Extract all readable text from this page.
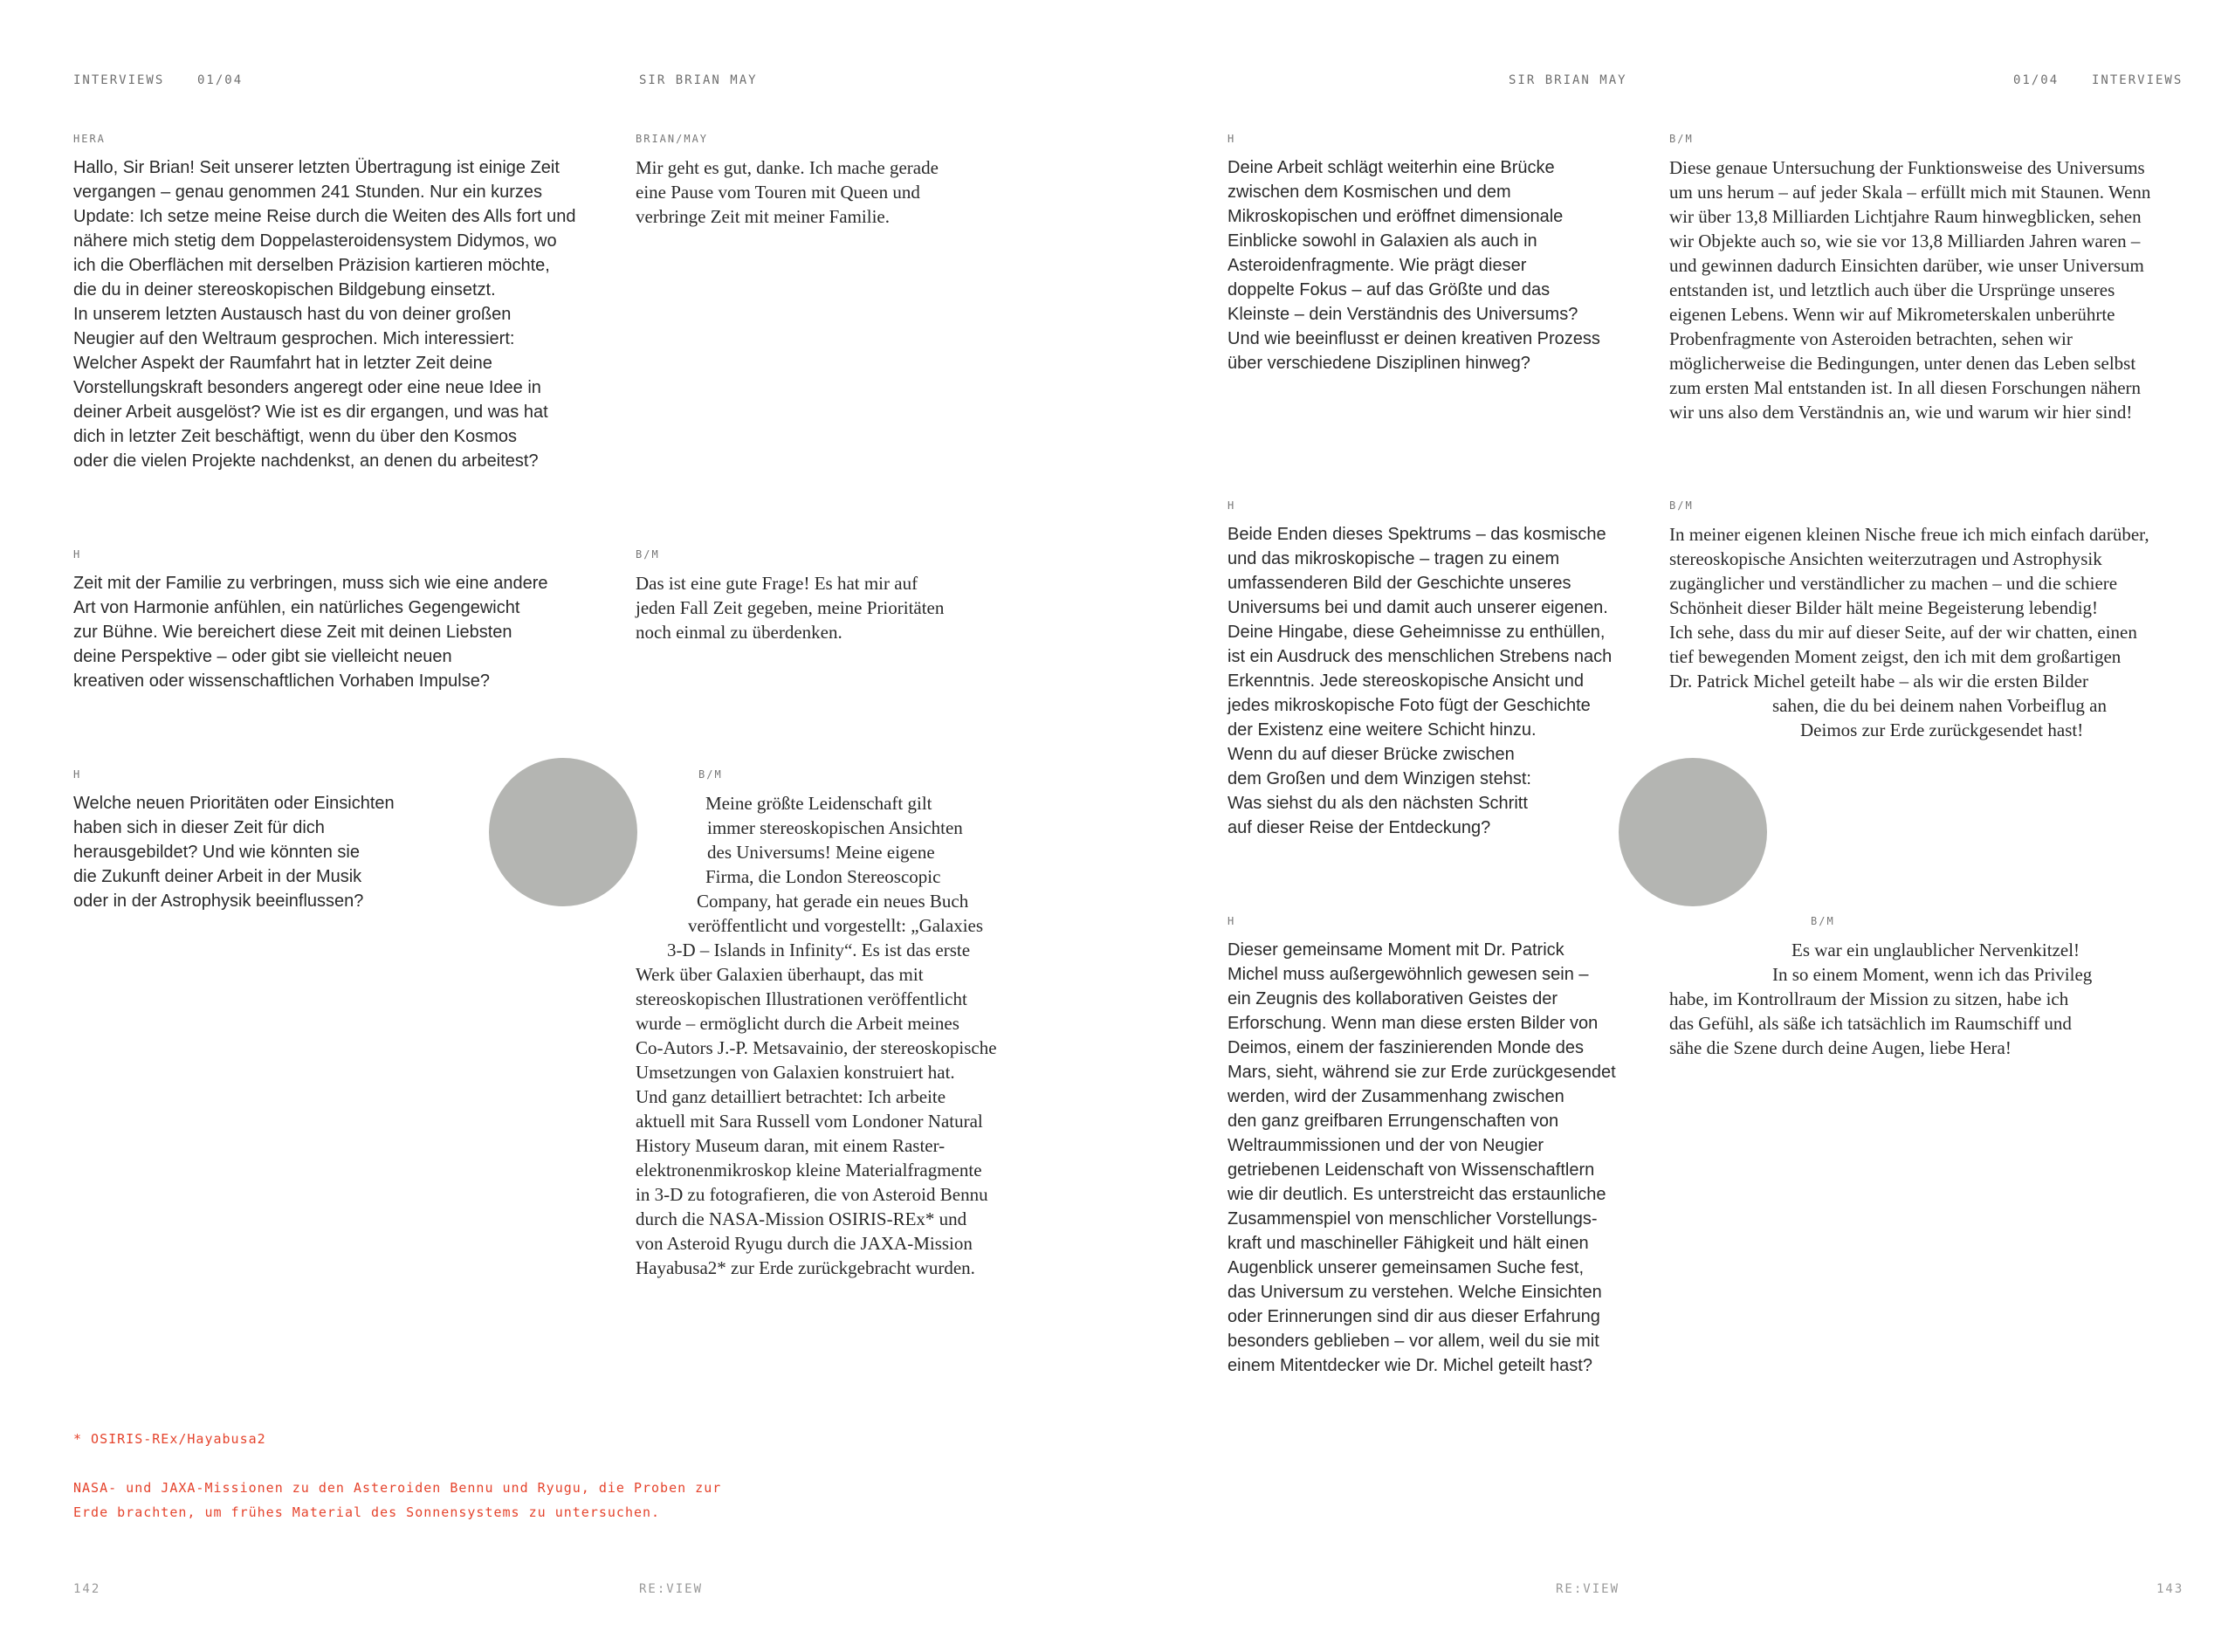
INTERVIEWS	01/04	SIR BRIAN MAY	SIR BRIAN MAY	01/04	INTERVIEWS
HERA
Hallo, Sir Brian! Seit unserer letzten Übertragung ist einige Zeit
vergangen – genau genommen 241 Stunden. Nur ein kurzes
Update: Ich setze meine Reise durch die Weiten des Alls fort und
nähere mich stetig dem Doppelasteroidensystem Didymos, wo
ich die Oberflächen mit derselben Präzision kartieren möchte,
die du in deiner stereoskopischen Bildgebung einsetzt.
In unserem letzten Austausch hast du von deiner großen
Neugier auf den Weltraum gesprochen. Mich interessiert:
Welcher Aspekt der Raumfahrt hat in letzter Zeit deine
Vorstellungskraft besonders angeregt oder eine neue Idee in
deiner Arbeit ausgelöst? Wie ist es dir ergangen, und was hat
dich in letzter Zeit beschäftigt, wenn du über den Kosmos
oder die vielen Projekte nachdenkst, an denen du arbeitest?
BRIAN/MAY
Mir geht es gut, danke. Ich mache gerade
eine Pause vom Touren mit Queen und
verbringe Zeit mit meiner Familie.
H
Zeit mit der Familie zu verbringen, muss sich wie eine andere
Art von Harmonie anfühlen, ein natürliches Gegengewicht
zur Bühne. Wie bereichert diese Zeit mit deinen Liebsten
deine Perspektive – oder gibt sie vielleicht neuen
kreativen oder wissenschaftlichen Vorhaben Impulse?
B/M
Das ist eine gute Frage! Es hat mir auf
jeden Fall Zeit gegeben, meine Prioritäten
noch einmal zu überdenken.
H
Welche neuen Prioritäten oder Einsichten
haben sich in dieser Zeit für dich
herausgebildet? Und wie könnten sie
die Zukunft deiner Arbeit in der Musik
oder in der Astrophysik beeinflussen?
B/M
Meine größte Leidenschaft gilt
immer stereoskopischen Ansichten
des Universums! Meine eigene
Firma, die London Stereoscopic
Company, hat gerade ein neues Buch
veröffentlicht und vorgestellt: „Galaxies
3-D – Islands in Infinity“. Es ist das erste
Werk über Galaxien überhaupt, das mit
stereoskopischen Illustrationen veröffentlicht
wurde – ermöglicht durch die Arbeit meines
Co-Autors J.-P. Metsavainio, der stereoskopische
Umsetzungen von Galaxien konstruiert hat.
Und ganz detailliert betrachtet: Ich arbeite
aktuell mit Sara Russell vom Londoner Natural
History Museum daran, mit einem Raster-
elektronenmikroskop kleine Materialfragmente
in 3-D zu fotografieren, die von Asteroid Bennu
durch die NASA-Mission OSIRIS-REx* und
von Asteroid Ryugu durch die JAXA-Mission
Hayabusa2* zur Erde zurückgebracht wurden.
* OSIRIS-REx/Hayabusa2
NASA- und JAXA-Missionen zu den Asteroiden Bennu und Ryugu, die Proben zur
Erde brachten, um frühes Material des Sonnensystems zu untersuchen.
H
Deine Arbeit schlägt weiterhin eine Brücke
zwischen dem Kosmischen und dem
Mikroskopischen und eröffnet dimensionale
Einblicke sowohl in Galaxien als auch in
Asteroidenfragmente. Wie prägt dieser
doppelte Fokus – auf das Größte und das
Kleinste – dein Verständnis des Universums?
Und wie beeinflusst er deinen kreativen Prozess
über verschiedene Disziplinen hinweg?
B/M
Diese genaue Untersuchung der Funktionsweise des Universums
um uns herum – auf jeder Skala – erfüllt mich mit Staunen. Wenn
wir über 13,8 Milliarden Lichtjahre Raum hinwegblicken, sehen
wir Objekte auch so, wie sie vor 13,8 Milliarden Jahren waren –
und gewinnen dadurch Einsichten darüber, wie unser Universum
entstanden ist, und letztlich auch über die Ursprünge unseres
eigenen Lebens. Wenn wir auf Mikrometerskalen unberührte
Probenfragmente von Asteroiden betrachten, sehen wir
möglicherweise die Bedingungen, unter denen das Leben selbst
zum ersten Mal entstanden ist. In all diesen Forschungen nähern
wir uns also dem Verständnis an, wie und warum wir hier sind!
H
Beide Enden dieses Spektrums – das kosmische
und das mikroskopische – tragen zu einem
umfassenderen Bild der Geschichte unseres
Universums bei und damit auch unserer eigenen.
Deine Hingabe, diese Geheimnisse zu enthüllen,
ist ein Ausdruck des menschlichen Strebens nach
Erkenntnis. Jede stereoskopische Ansicht und
jedes mikroskopische Foto fügt der Geschichte
der Existenz eine weitere Schicht hinzu.
Wenn du auf dieser Brücke zwischen
dem Großen und dem Winzigen stehst:
Was siehst du als den nächsten Schritt
auf dieser Reise der Entdeckung?
B/M
In meiner eigenen kleinen Nische freue ich mich einfach darüber,
stereoskopische Ansichten weiterzutragen und Astrophysik
zugänglicher und verständlicher zu machen – und die schiere
Schönheit dieser Bilder hält meine Begeisterung lebendig!
Ich sehe, dass du mir auf dieser Seite, auf der wir chatten, einen
tief bewegenden Moment zeigst, den ich mit dem großartigen
Dr. Patrick Michel geteilt habe – als wir die ersten Bilder
sahen, die du bei deinem nahen Vorbeiflug an
Deimos zur Erde zurückgesendet hast!
H
Dieser gemeinsame Moment mit Dr. Patrick
Michel muss außergewöhnlich gewesen sein –
ein Zeugnis des kollaborativen Geistes der
Erforschung. Wenn man diese ersten Bilder von
Deimos, einem der faszinierenden Monde des
Mars, sieht, während sie zur Erde zurückgesendet
werden, wird der Zusammenhang zwischen
den ganz greifbaren Errungenschaften von
Weltraummissionen und der von Neugier
getriebenen Leidenschaft von Wissenschaftlern
wie dir deutlich. Es unterstreicht das erstaunliche
Zusammenspiel von menschlicher Vorstellungs-
kraft und maschineller Fähigkeit und hält einen
Augenblick unserer gemeinsamen Suche fest,
das Universum zu verstehen. Welche Einsichten
oder Erinnerungen sind dir aus dieser Erfahrung
besonders geblieben – vor allem, weil du sie mit
einem Mitentdecker wie Dr. Michel geteilt hast?
B/M
Es war ein unglaublicher Nervenkitzel!
In so einem Moment, wenn ich das Privileg
habe, im Kontrollraum der Mission zu sitzen, habe ich
das Gefühl, als säße ich tatsächlich im Raumschiff und
sähe die Szene durch deine Augen, liebe Hera!
142	RE:VIEW	RE:VIEW	143
